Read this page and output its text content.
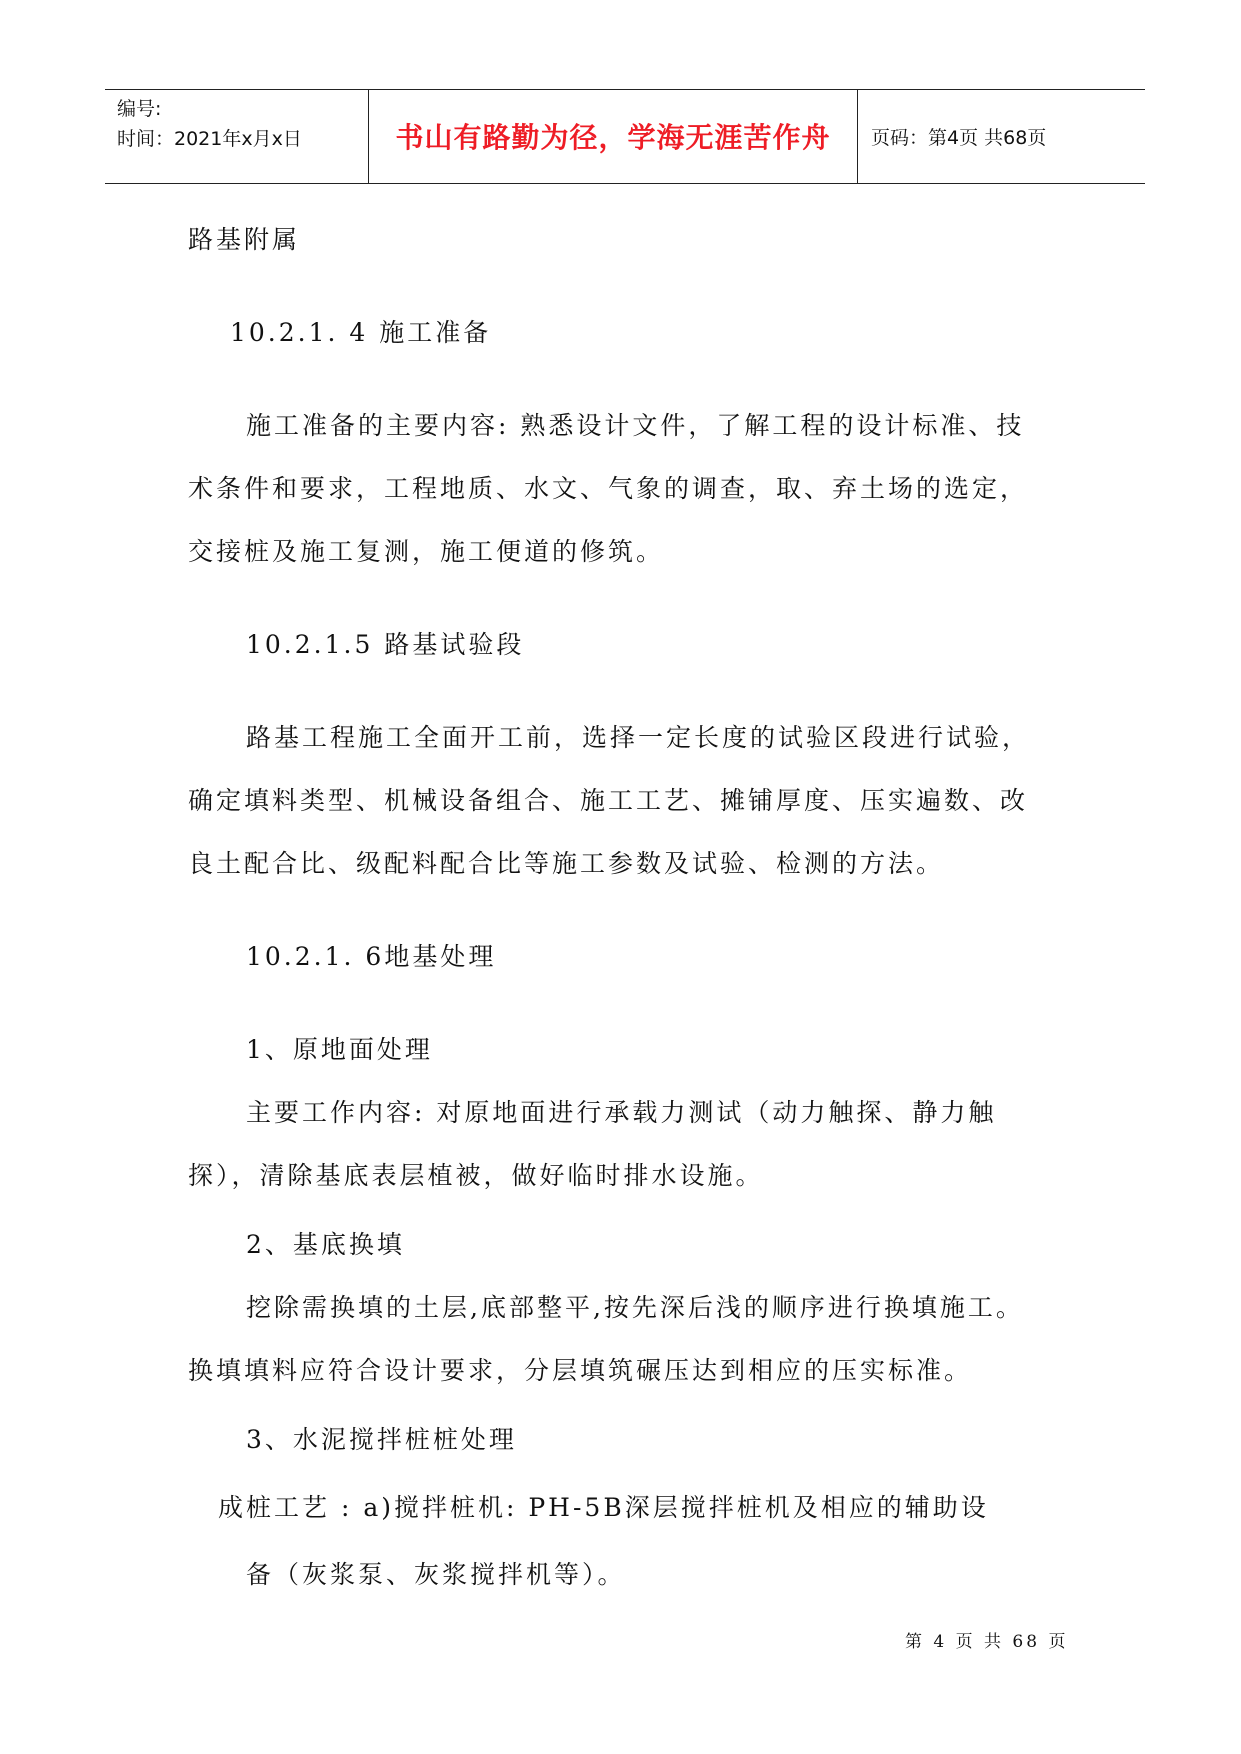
编号:
时间：2021年x月x日	书山有路勤为径，学海无涯苦作舟	页码：第4页 共68页
路基附属
10.2.1. 4 施工准备
施工准备的主要内容: 熟悉设计文件，了解工程的设计标准、技
术条件和要求，工程地质、水文、气象的调查，取、弃土场的选定，
交接桩及施工复测，施工便道的修筑。
10.2.1.5 路基试验段
路基工程施工全面开工前，选择一定长度的试验区段进行试验，
确定填料类型、机械设备组合、施工工艺、摊铺厚度、压实遍数、改
良土配合比、级配料配合比等施工参数及试验、检测的方法。
10.2.1. 6地基处理
1、原地面处理
主要工作内容: 对原地面进行承载力测试（动力触探、静力触
探），清除基底表层植被，做好临时排水设施。
2、基底换填
挖除需换填的土层,底部整平,按先深后浅的顺序进行换填施工。
换填填料应符合设计要求，分层填筑碾压达到相应的压实标准。
3、水泥搅拌桩桩处理
成桩工艺 : a)搅拌桩机: PH-5B深层搅拌桩机及相应的辅助设
备（灰浆泵、灰浆搅拌机等）。
第 4 页 共 68 页
